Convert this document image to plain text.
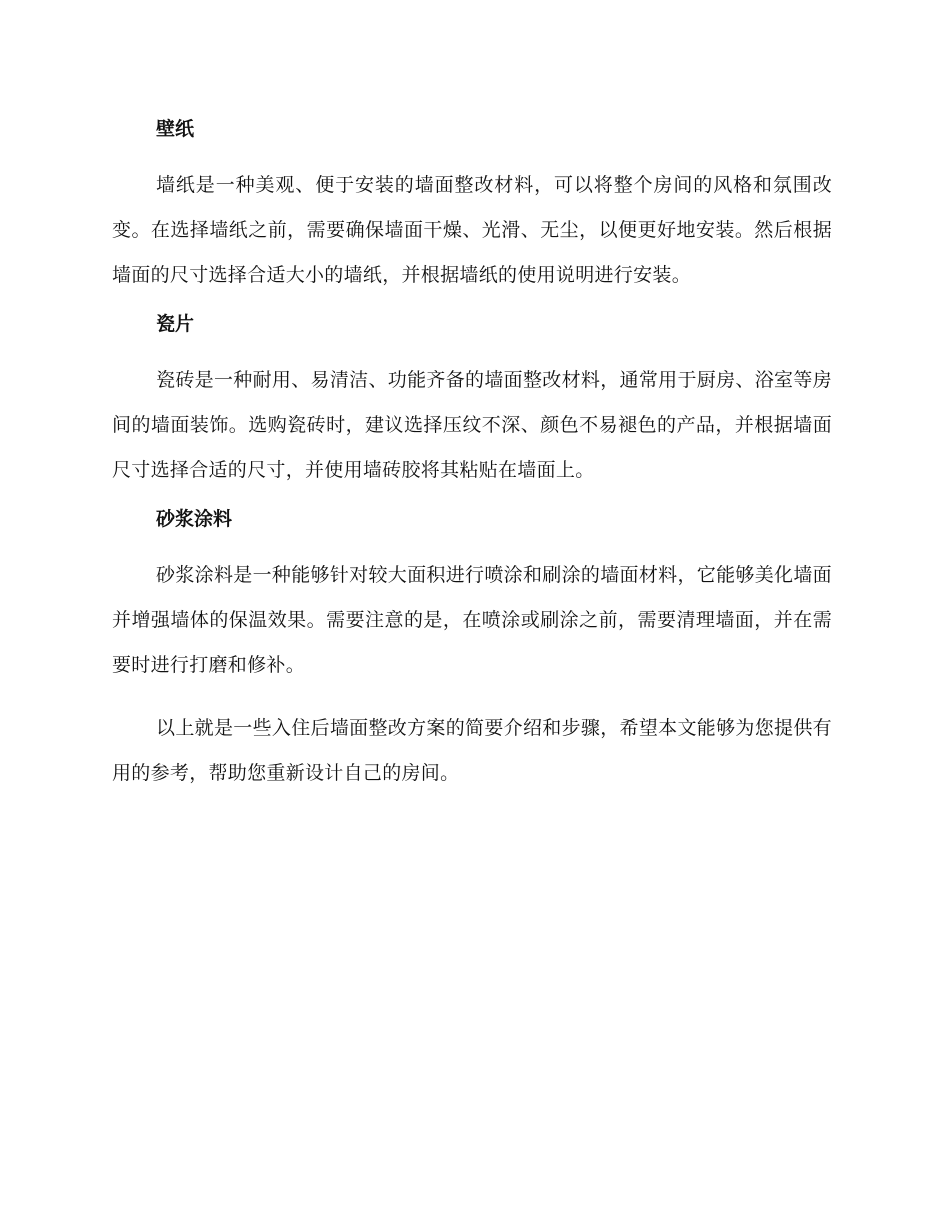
壁纸

墙纸是一种美观、便于安装的墙面整改材料，可以将整个房间的风格和氛围改变。在选择墙纸之前，需要确保墙面干燥、光滑、无尘，以便更好地安装。然后根据墙面的尺寸选择合适大小的墙纸，并根据墙纸的使用说明进行安装。

瓷片

瓷砖是一种耐用、易清洁、功能齐备的墙面整改材料，通常用于厨房、浴室等房间的墙面装饰。选购瓷砖时，建议选择压纹不深、颜色不易褪色的产品，并根据墙面尺寸选择合适的尺寸，并使用墙砖胶将其粘贴在墙面上。

砂浆涂料

砂浆涂料是一种能够针对较大面积进行喷涂和刷涂的墙面材料，它能够美化墙面并增强墙体的保温效果。需要注意的是，在喷涂或刷涂之前，需要清理墙面，并在需要时进行打磨和修补。

以上就是一些入住后墙面整改方案的简要介绍和步骤，希望本文能够为您提供有用的参考，帮助您重新设计自己的房间。
